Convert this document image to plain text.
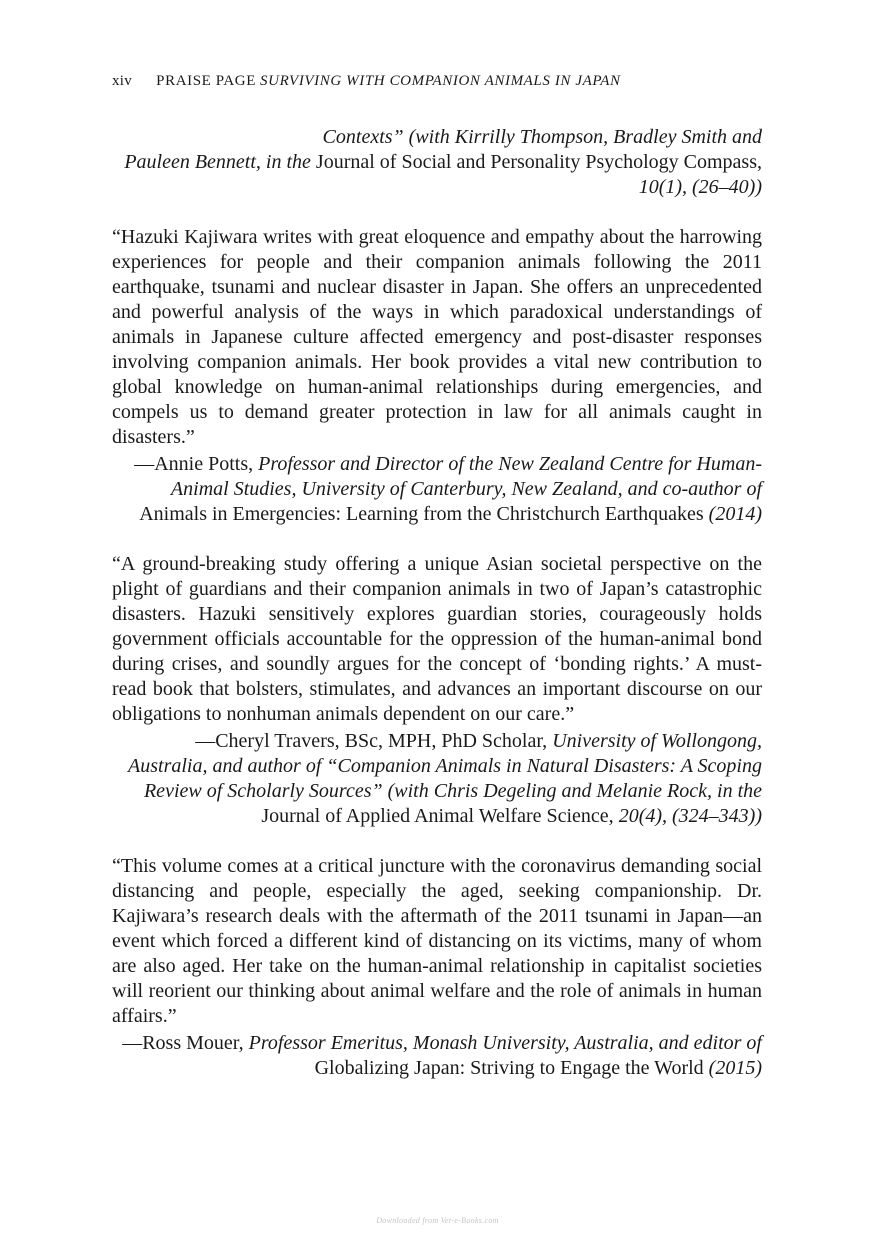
xiv PRAISE PAGE SURVIVING WITH COMPANION ANIMALS IN JAPAN

Contexts” (with Kirrilly Thompson, Bradley Smith and
Pauleen Bennett, in the Journal of Social and Personality Psychology Compass, 10(1), (26–40))

“Hazuki Kajiwara writes with great eloquence and empathy about the harrowing experiences for people and their companion animals following the 2011 earthquake, tsunami and nuclear disaster in Japan. She offers an unprecedented and powerful analysis of the ways in which paradoxical understandings of animals in Japanese culture affected emergency and post-disaster responses involving companion animals. Her book provides a vital new contribution to global knowledge on human-animal relationships during emergencies, and compels us to demand greater protection in law for all animals caught in disasters.”

—Annie Potts, Professor and Director of the New Zealand Centre for Human-Animal Studies, University of Canterbury, New Zealand, and co-author of Animals in Emergencies: Learning from the Christchurch Earthquakes (2014)

“A ground-breaking study offering a unique Asian societal perspective on the plight of guardians and their companion animals in two of Japan’s catastrophic disasters. Hazuki sensitively explores guardian stories, courageously holds government officials accountable for the oppression of the human-animal bond during crises, and soundly argues for the concept of ‘bonding rights.’ A must-read book that bolsters, stimulates, and advances an important discourse on our obligations to nonhuman animals dependent on our care.”

—Cheryl Travers, BSc, MPH, PhD Scholar, University of Wollongong, Australia, and author of “Companion Animals in Natural Disasters: A Scoping Review of Scholarly Sources” (with Chris Degeling and Melanie Rock, in the Journal of Applied Animal Welfare Science, 20(4), (324–343))

“This volume comes at a critical juncture with the coronavirus demanding social distancing and people, especially the aged, seeking companionship. Dr. Kajiwara’s research deals with the aftermath of the 2011 tsunami in Japan—an event which forced a different kind of distancing on its victims, many of whom are also aged. Her take on the human-animal relationship in capitalist societies will reorient our thinking about animal welfare and the role of animals in human affairs.”

—Ross Mouer, Professor Emeritus, Monash University, Australia, and editor of Globalizing Japan: Striving to Engage the World (2015)

Downloaded from Vet-e-Books.com
